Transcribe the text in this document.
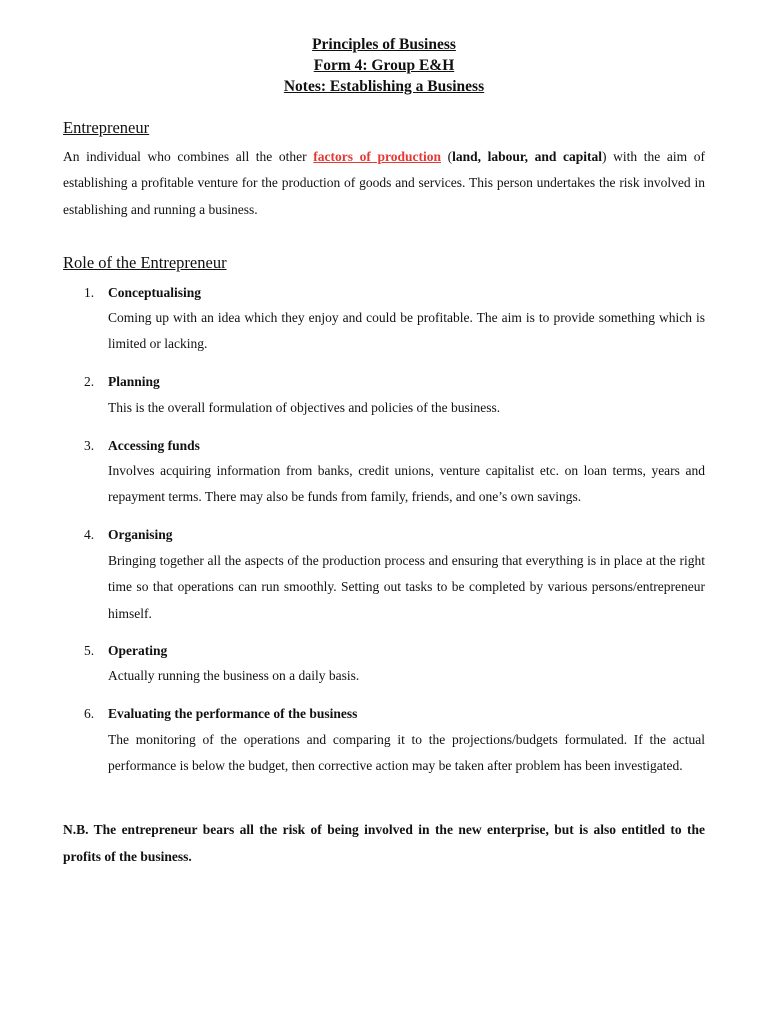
Principles of Business
Form 4: Group E&H
Notes: Establishing a Business
Entrepreneur
An individual who combines all the other factors of production (land, labour, and capital) with the aim of establishing a profitable venture for the production of goods and services. This person undertakes the risk involved in establishing and running a business.
Role of the Entrepreneur
1.	Conceptualising
Coming up with an idea which they enjoy and could be profitable. The aim is to provide something which is limited or lacking.
2.	Planning
This is the overall formulation of objectives and policies of the business.
3.	Accessing funds
Involves acquiring information from banks, credit unions, venture capitalist etc. on loan terms, years and repayment terms. There may also be funds from family, friends, and one’s own savings.
4.	Organising
Bringing together all the aspects of the production process and ensuring that everything is in place at the right time so that operations can run smoothly. Setting out tasks to be completed by various persons/entrepreneur himself.
5.	Operating
Actually running the business on a daily basis.
6.	Evaluating the performance of the business
The monitoring of the operations and comparing it to the projections/budgets formulated. If the actual performance is below the budget, then corrective action may be taken after problem has been investigated.
N.B. The entrepreneur bears all the risk of being involved in the new enterprise, but is also entitled to the profits of the business.
